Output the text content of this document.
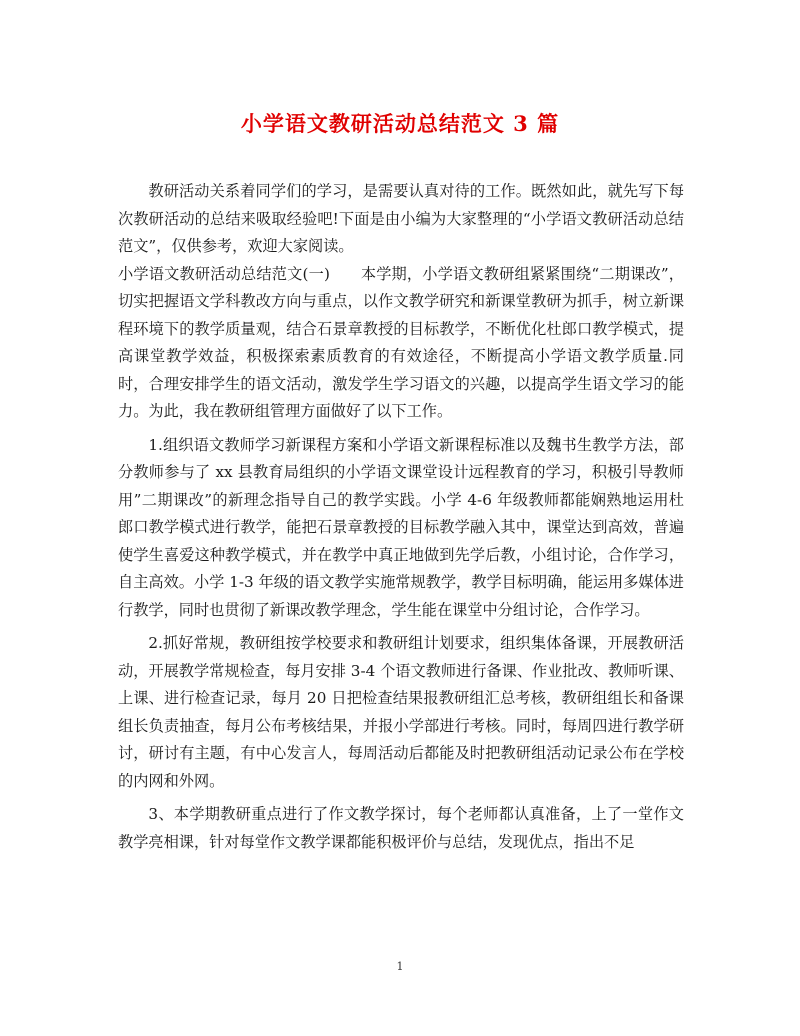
小学语文教研活动总结范文 3 篇

教研活动关系着同学们的学习，是需要认真对待的工作。既然如此，就先写下每次教研活动的总结来吸取经验吧!下面是由小编为大家整理的“小学语文教研活动总结范文”，仅供参考，欢迎大家阅读。

小学语文教研活动总结范文(一)　　本学期，小学语文教研组紧紧围绕“二期课改”，切实把握语文学科教改方向与重点，以作文教学研究和新课堂教研为抓手，树立新课程环境下的教学质量观，结合石景章教授的目标教学，不断优化杜郎口教学模式，提高课堂教学效益，积极探索素质教育的有效途径，不断提高小学语文教学质量.同时，合理安排学生的语文活动，激发学生学习语文的兴趣，以提高学生语文学习的能力。为此，我在教研组管理方面做好了以下工作。

1.组织语文教师学习新课程方案和小学语文新课程标准以及魏书生教学方法，部分教师参与了 xx 县教育局组织的小学语文课堂设计远程教育的学习，积极引导教师用”二期课改”的新理念指导自己的教学实践。小学 4-6 年级教师都能娴熟地运用杜郎口教学模式进行教学，能把石景章教授的目标教学融入其中，课堂达到高效，普遍使学生喜爱这种教学模式，并在教学中真正地做到先学后教，小组讨论，合作学习，自主高效。小学 1-3 年级的语文教学实施常规教学，教学目标明确，能运用多媒体进行教学，同时也贯彻了新课改教学理念，学生能在课堂中分组讨论，合作学习。

2.抓好常规，教研组按学校要求和教研组计划要求，组织集体备课，开展教研活动，开展教学常规检查，每月安排 3-4 个语文教师进行备课、作业批改、教师听课、上课、进行检查记录，每月 20 日把检查结果报教研组汇总考核，教研组组长和备课组长负责抽查，每月公布考核结果，并报小学部进行考核。同时，每周四进行教学研讨，研讨有主题，有中心发言人，每周活动后都能及时把教研组活动记录公布在学校的内网和外网。

3、本学期教研重点进行了作文教学探讨，每个老师都认真准备，上了一堂作文教学亮相课，针对每堂作文教学课都能积极评价与总结，发现优点，指出不足

1
